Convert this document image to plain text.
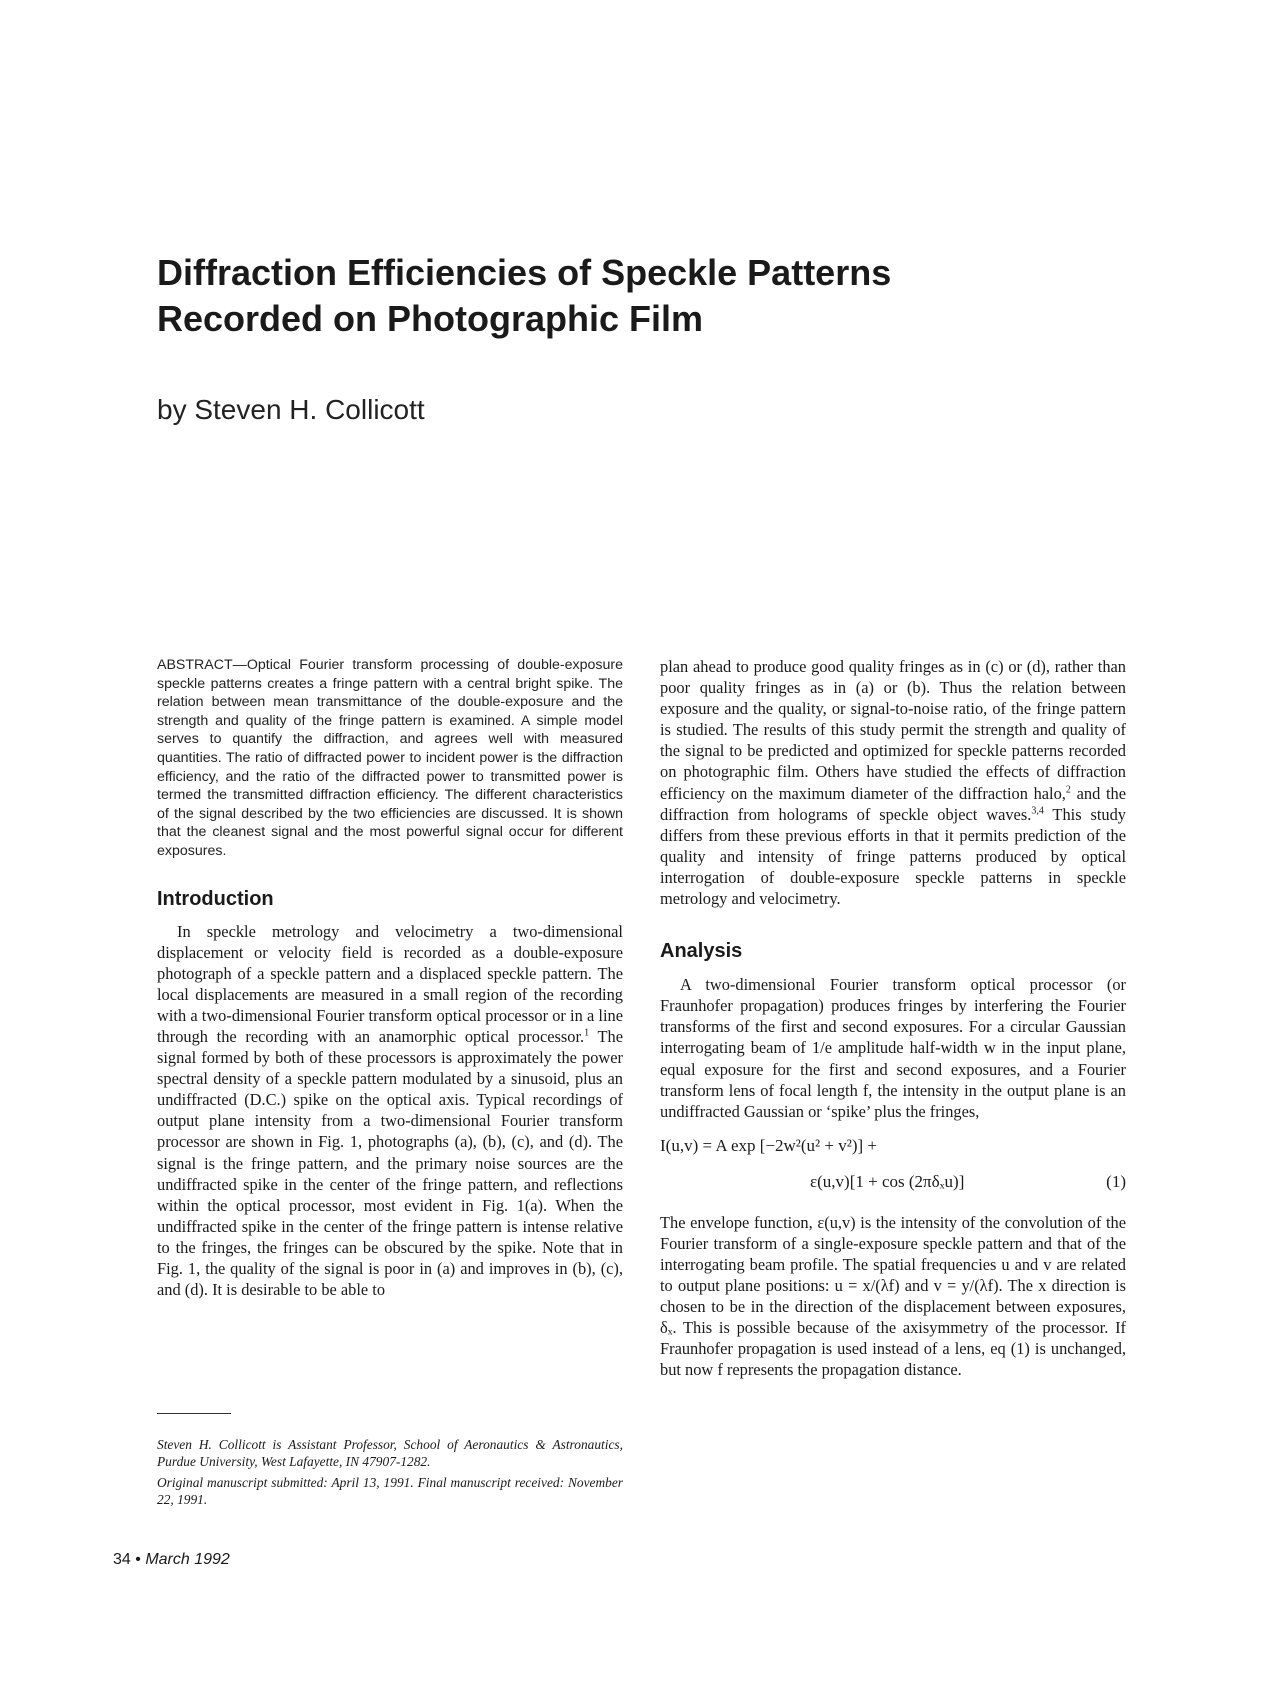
Diffraction Efficiencies of Speckle Patterns Recorded on Photographic Film
by Steven H. Collicott

ABSTRACT—Optical Fourier transform processing of double-exposure speckle patterns creates a fringe pattern with a central bright spike. The relation between mean transmittance of the double-exposure and the strength and quality of the fringe pattern is examined. A simple model serves to quantify the diffraction, and agrees well with measured quantities. The ratio of diffracted power to incident power is the diffraction efficiency, and the ratio of the diffracted power to transmitted power is termed the transmitted diffraction efficiency. The different characteristics of the signal described by the two efficiencies are discussed. It is shown that the cleanest signal and the most powerful signal occur for different exposures.

Introduction

In speckle metrology and velocimetry a two-dimensional displacement or velocity field is recorded as a double-exposure photograph of a speckle pattern and a displaced speckle pattern. The local displacements are measured in a small region of the recording with a two-dimensional Fourier transform optical processor or in a line through the recording with an anamorphic optical processor.$^1$ The signal formed by both of these processors is approximately the power spectral density of a speckle pattern modulated by a sinusoid, plus an undiffracted (D.C.) spike on the optical axis. Typical recordings of output plane intensity from a two-dimensional Fourier transform processor are shown in Fig. 1, photographs (a), (b), (c), and (d). The signal is the fringe pattern, and the primary noise sources are the undiffracted spike in the center of the fringe pattern, and reflections within the optical processor, most evident in Fig. 1(a). When the undiffracted spike in the center of the fringe pattern is intense relative to the fringes, the fringes can be obscured by the spike. Note that in Fig. 1, the quality of the signal is poor in (a) and improves in (b), (c), and (d). It is desirable to be able to

plan ahead to produce good quality fringes as in (c) or (d), rather than poor quality fringes as in (a) or (b). Thus the relation between exposure and the quality, or signal-to-noise ratio, of the fringe pattern is studied. The results of this study permit the strength and quality of the signal to be predicted and optimized for speckle patterns recorded on photographic film. Others have studied the effects of diffraction efficiency on the maximum diameter of the diffraction halo,$^2$ and the diffraction from holograms of speckle object waves.$^{3,4}$ This study differs from these previous efforts in that it permits prediction of the quality and intensity of fringe patterns produced by optical interrogation of double-exposure speckle patterns in speckle metrology and velocimetry.

Analysis

A two-dimensional Fourier transform optical processor (or Fraunhofer propagation) produces fringes by interfering the Fourier transforms of the first and second exposures. For a circular Gaussian interrogating beam of 1/e amplitude half-width w in the input plane, equal exposure for the first and second exposures, and a Fourier transform lens of focal length f, the intensity in the output plane is an undiffracted Gaussian or ‘spike’ plus the fringes,

I(u,v) = A exp [−2w²(u² + v²)] +
ε(u,v)[1 + cos (2πδₓu)]	(1)

The envelope function, ε(u,v) is the intensity of the convolution of the Fourier transform of a single-exposure speckle pattern and that of the interrogating beam profile. The spatial frequencies u and v are related to output plane positions: u = x/(λf) and v = y/(λf). The x direction is chosen to be in the direction of the displacement between exposures, δₓ. This is possible because of the axisymmetry of the processor. If Fraunhofer propagation is used instead of a lens, eq (1) is unchanged, but now f represents the propagation distance.

Steven H. Collicott is Assistant Professor, School of Aeronautics & Astronautics, Purdue University, West Lafayette, IN 47907-1282.

Original manuscript submitted: April 13, 1991. Final manuscript received: November 22, 1991.

34 • March 1992
